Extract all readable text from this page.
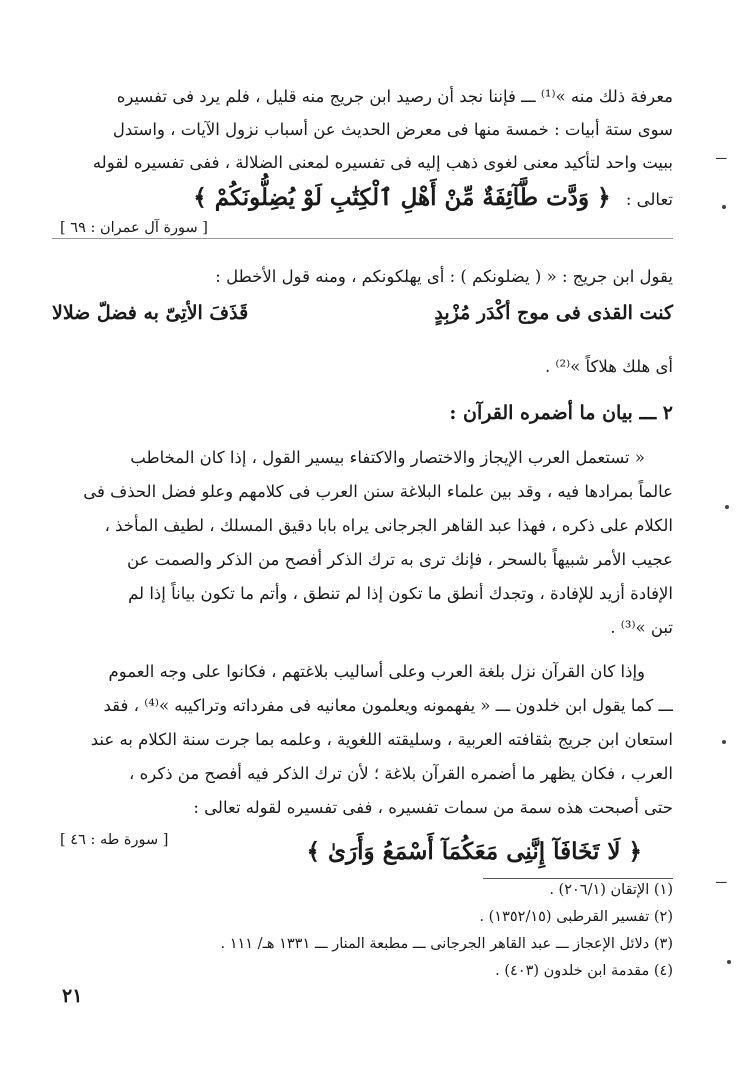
معرفة ذلك منه »⁽¹⁾ ـــ فإننا نجد أن رصيد ابن جريج منه قليل ، فلم يرد فى تفسيره
سوى ستة أبيات : خمسة منها فى معرض الحديث عن أسباب نزول الآيات ، واستدل
ببيت واحد لتأكيد معنى لغوى ذهب إليه فى تفسيره لمعنى الضلالة ، ففى تفسيره لقوله
تعالى : ﴿ وَدَّت طَّآئِفَةٌ مِّنْ أَهْلِ ٱلْكِتَٰبِ لَوْ يُضِلُّونَكُمْ ﴾
[ سورة آل عمران : ٦٩ ]
يقول ابن جريج : « ( يضلونكم ) : أى يهلكونكم ، ومنه قول الأخطل :
كنت القذى فى موج أكْدَر مُزْبِدٍ
قَذَفَ الأتِىّ به فضلّ ضلالا
أى هلك هلاكاً »⁽²⁾ .
٢ ـــ بيان ما أضمره القرآن :
« تستعمل العرب الإيجاز والاختصار والاكتفاء بيسير القول ، إذا كان المخاطب
عالماً بمرادها فيه ، وقد بين علماء البلاغة سنن العرب فى كلامهم وعلو فضل الحذف فى
الكلام على ذكره ، فهذا عبد القاهر الجرجانى يراه بابا دقيق المسلك ، لطيف المأخذ ،
عجيب الأمر شبيهاً بالسحر ، فإنك ترى به ترك الذكر أفصح من الذكر والصمت عن
الإفادة أزيد للإفادة ، وتجدك أنطق ما تكون إذا لم تنطق ، وأتم ما تكون بياناً إذا لم
تبن »⁽³⁾ .
وإذا كان القرآن نزل بلغة العرب وعلى أساليب بلاغتهم ، فكانوا على وجه العموم
ـــ كما يقول ابن خلدون ـــ « يفهمونه ويعلمون معانيه فى مفرداته وتراكيبه »⁽⁴⁾ ، فقد
استعان ابن جريج بثقافته العربية ، وسليقته اللغوية ، وعلمه بما جرت سنة الكلام به عند
العرب ، فكان يظهر ما أضمره القرآن بلاغة ؛ لأن ترك الذكر فيه أفصح من ذكره ،
حتى أصبحت هذه سمة من سمات تفسيره ، ففى تفسيره لقوله تعالى :
[ سورة طه : ٤٦ ]	﴿ لَا تَخَافَآ إِنَّنِى مَعَكُمَآ أَسْمَعُ وَأَرَىٰ ﴾
(١) الإتقان (٢٠٦/١) .
(٢) تفسير القرطبى (١٣٥٢/١٥) .
(٣) دلائل الإعجاز ـــ عبد القاهر الجرجانى ـــ مطبعة المنار ـــ ١٣٣١ هـ/ ١١١ .
(٤) مقدمة ابن خلدون (٤٠٣) .
٢١
ـــ
ـــ
